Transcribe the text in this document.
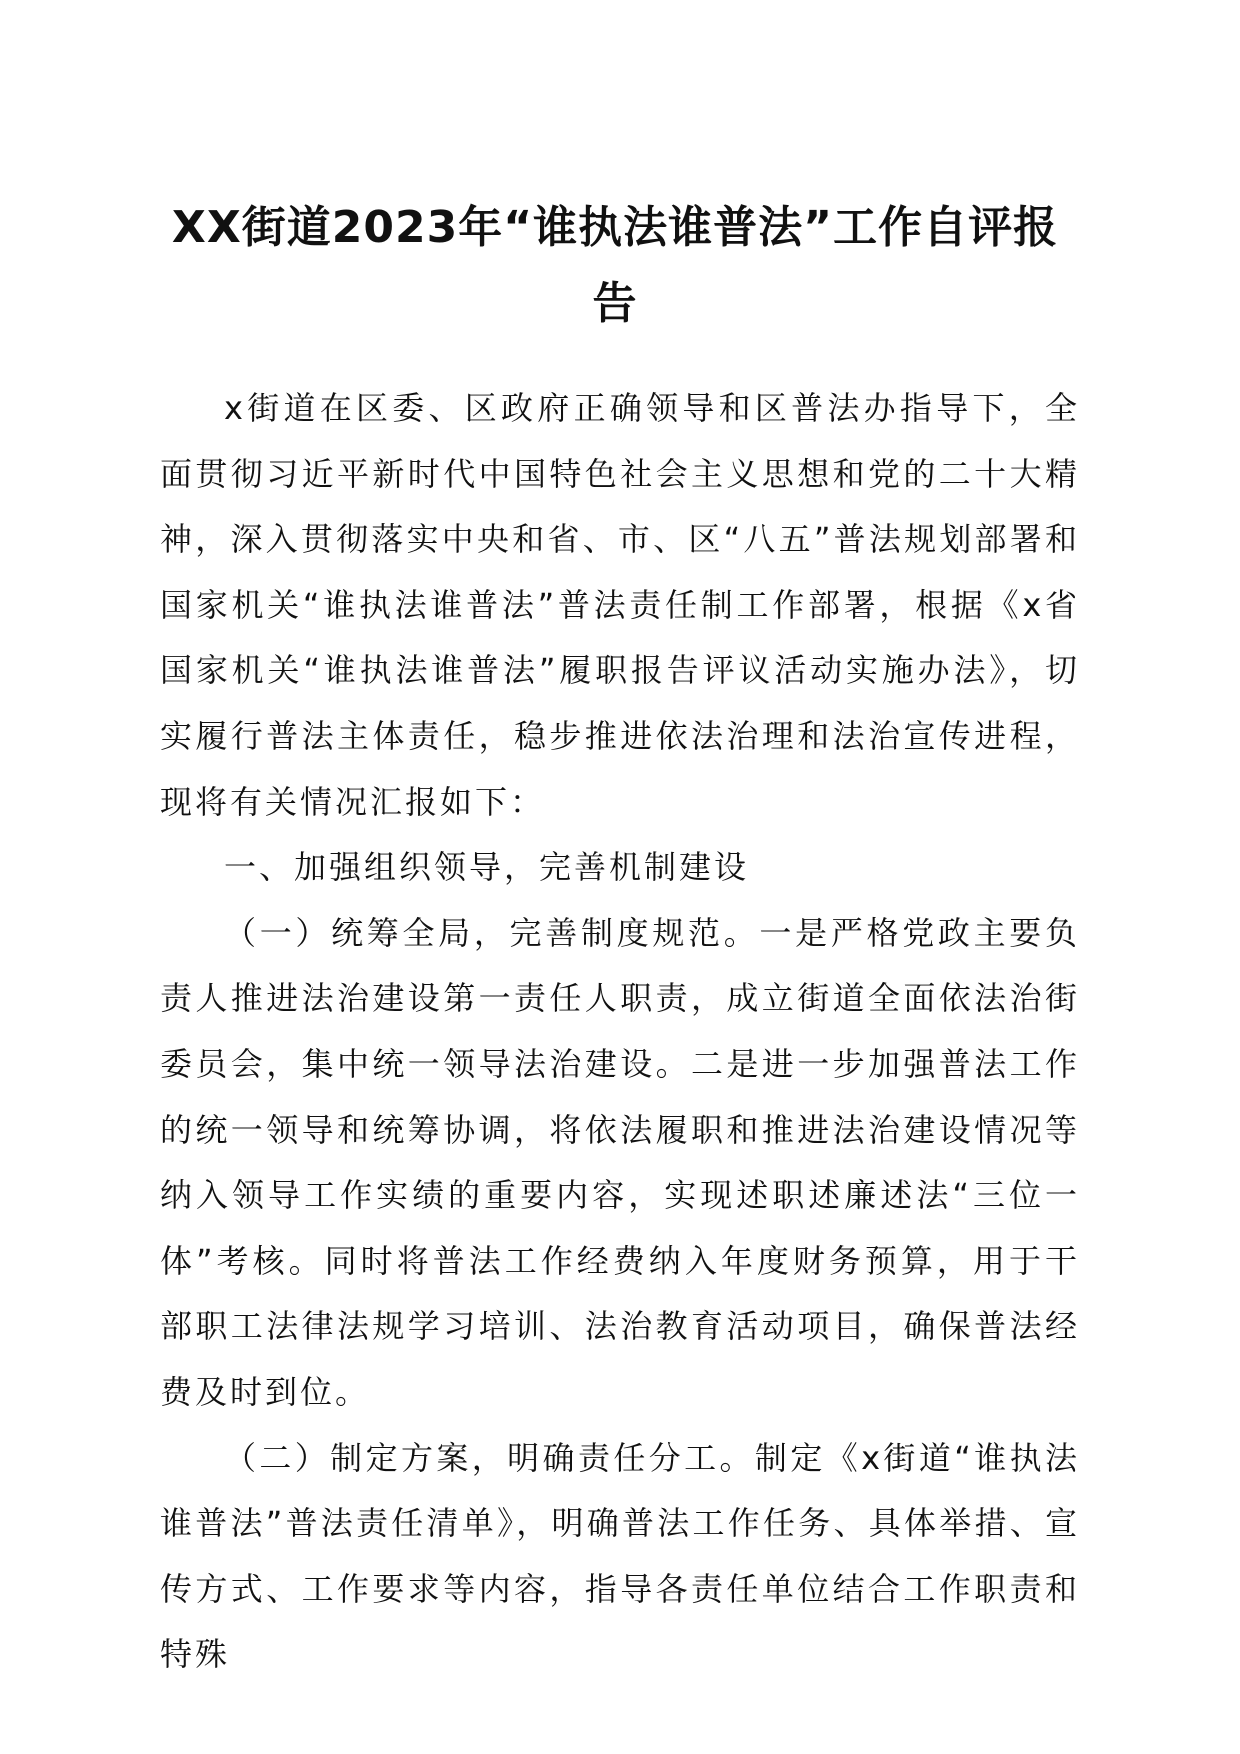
XX街道2023年“谁执法谁普法”工作自评报告

x街道在区委、区政府正确领导和区普法办指导下，全面贯彻习近平新时代中国特色社会主义思想和党的二十大精神，深入贯彻落实中央和省、市、区“八五”普法规划部署和国家机关“谁执法谁普法”普法责任制工作部署，根据《x省国家机关“谁执法谁普法”履职报告评议活动实施办法》，切实履行普法主体责任，稳步推进依法治理和法治宣传进程，现将有关情况汇报如下：

一、加强组织领导，完善机制建设

（一）统筹全局，完善制度规范。一是严格党政主要负责人推进法治建设第一责任人职责，成立街道全面依法治街委员会，集中统一领导法治建设。二是进一步加强普法工作的统一领导和统筹协调，将依法履职和推进法治建设情况等纳入领导工作实绩的重要内容，实现述职述廉述法“三位一体”考核。同时将普法工作经费纳入年度财务预算，用于干部职工法律法规学习培训、法治教育活动项目，确保普法经费及时到位。

（二）制定方案，明确责任分工。制定《x街道“谁执法谁普法”普法责任清单》，明确普法工作任务、具体举措、宣传方式、工作要求等内容，指导各责任单位结合工作职责和特殊
